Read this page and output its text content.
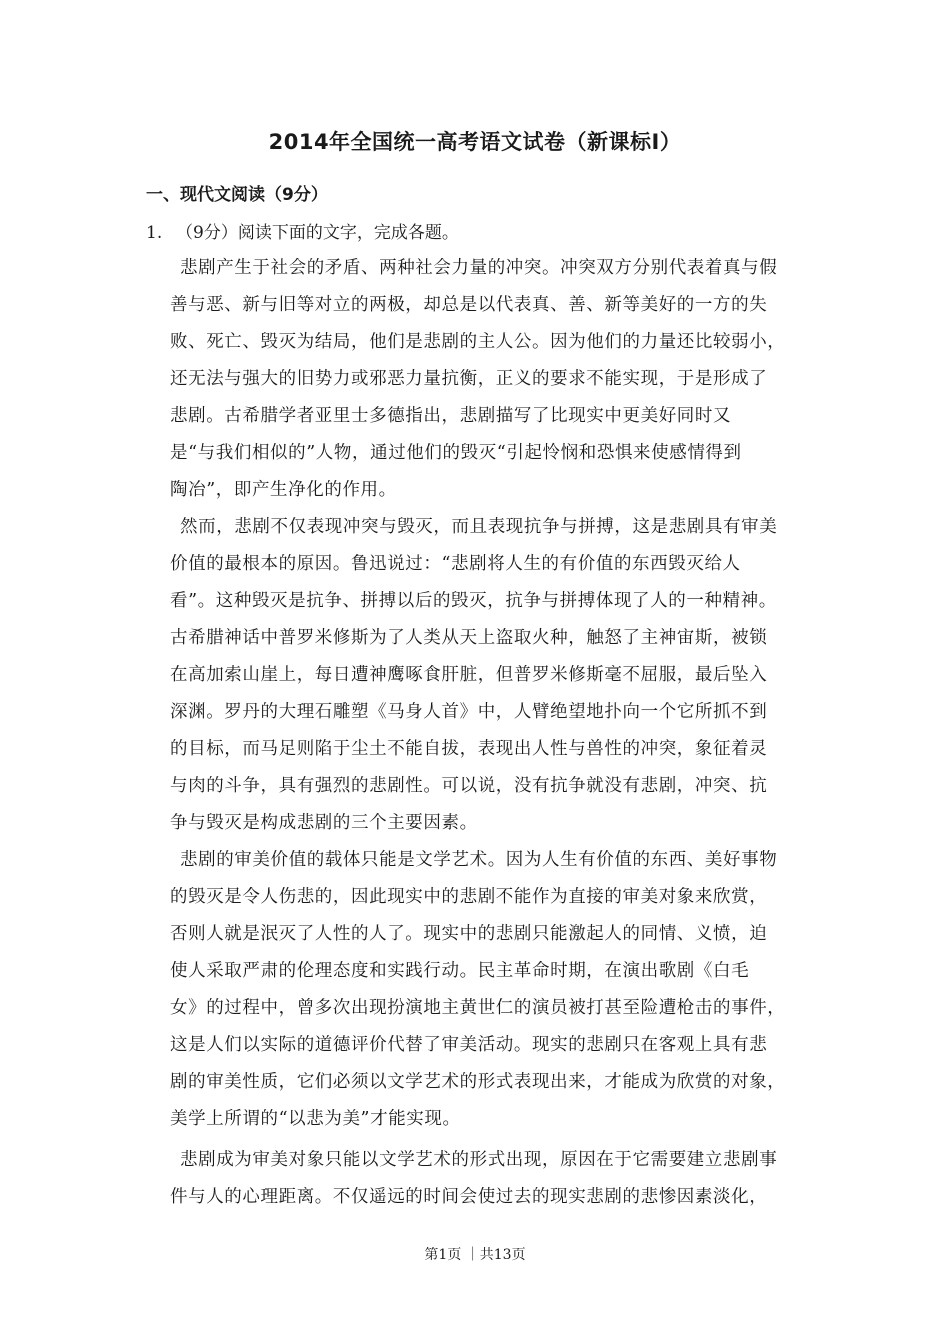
2014年全国统一高考语文试卷（新课标Ⅰ）
一、现代文阅读（9分）
1. （9分）阅读下面的文字，完成各题。
悲剧产生于社会的矛盾、两种社会力量的冲突。冲突双方分别代表着真与假
善与恶、新与旧等对立的两极，却总是以代表真、善、新等美好的一方的失
败、死亡、毁灭为结局，他们是悲剧的主人公。因为他们的力量还比较弱小，
还无法与强大的旧势力或邪恶力量抗衡，正义的要求不能实现，于是形成了
悲剧。古希腊学者亚里士多德指出，悲剧描写了比现实中更美好同时又
是“与我们相似的”人物，通过他们的毁灭“引起怜悯和恐惧来使感情得到
陶冶”，即产生净化的作用。
然而，悲剧不仅表现冲突与毁灭，而且表现抗争与拼搏，这是悲剧具有审美
价值的最根本的原因。鲁迅说过：“悲剧将人生的有价值的东西毁灭给人
看”。这种毁灭是抗争、拼搏以后的毁灭，抗争与拼搏体现了人的一种精神。
古希腊神话中普罗米修斯为了人类从天上盗取火种，触怒了主神宙斯，被锁
在高加索山崖上，每日遭神鹰啄食肝脏，但普罗米修斯毫不屈服，最后坠入
深渊。罗丹的大理石雕塑《马身人首》中，人臂绝望地扑向一个它所抓不到
的目标，而马足则陷于尘土不能自拔，表现出人性与兽性的冲突，象征着灵
与肉的斗争，具有强烈的悲剧性。可以说，没有抗争就没有悲剧，冲突、抗
争与毁灭是构成悲剧的三个主要因素。
悲剧的审美价值的载体只能是文学艺术。因为人生有价值的东西、美好事物
的毁灭是令人伤悲的，因此现实中的悲剧不能作为直接的审美对象来欣赏，
否则人就是泯灭了人性的人了。现实中的悲剧只能激起人的同情、义愤，迫
使人采取严肃的伦理态度和实践行动。民主革命时期，在演出歌剧《白毛
女》的过程中，曾多次出现扮演地主黄世仁的演员被打甚至险遭枪击的事件，
这是人们以实际的道德评价代替了审美活动。现实的悲剧只在客观上具有悲
剧的审美性质，它们必须以文学艺术的形式表现出来，才能成为欣赏的对象，
美学上所谓的“以悲为美”才能实现。
悲剧成为审美对象只能以文学艺术的形式出现，原因在于它需要建立悲剧事
件与人的心理距离。不仅遥远的时间会使过去的现实悲剧的悲惨因素淡化，
第1页 ｜共13页
